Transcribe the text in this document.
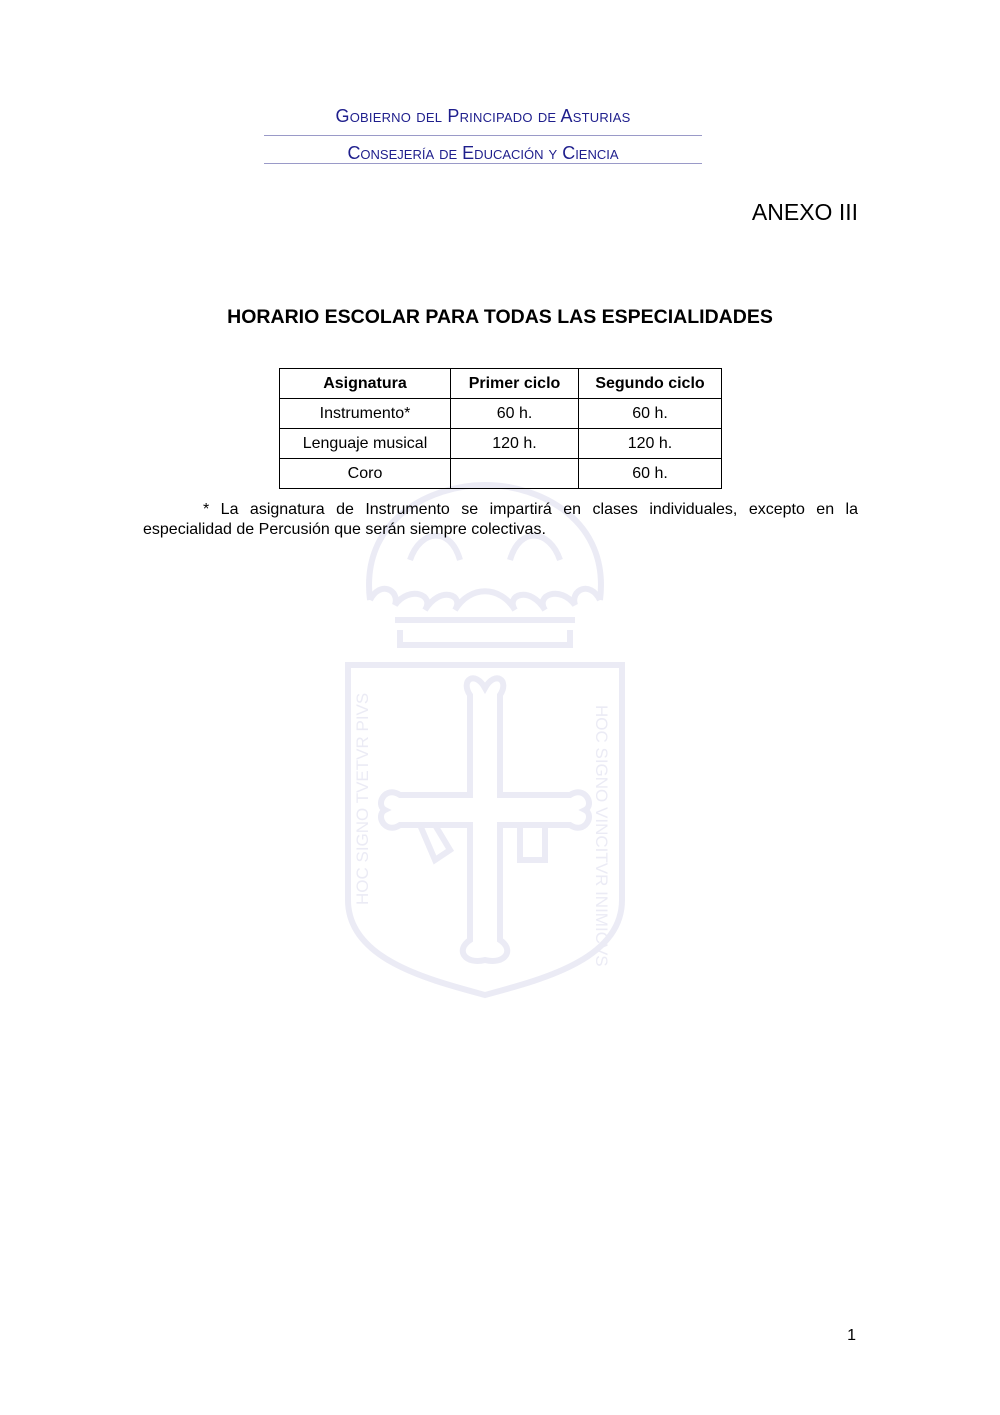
HOC SIGNO TVETVR PIVS	HOC SIGNO VINCITVR INIMICVS
Gobierno del Principado de Asturias
Consejería de Educación y Ciencia
ANEXO III
HORARIO ESCOLAR PARA TODAS LAS ESPECIALIDADES
Asignatura	Primer ciclo	Segundo ciclo
Instrumento*	60 h.	60 h.
Lenguaje musical	120 h.	120 h.
Coro		60 h.
* La asignatura de Instrumento se impartirá en clases individuales, excepto en la especialidad de Percusión que serán siempre colectivas.
1
